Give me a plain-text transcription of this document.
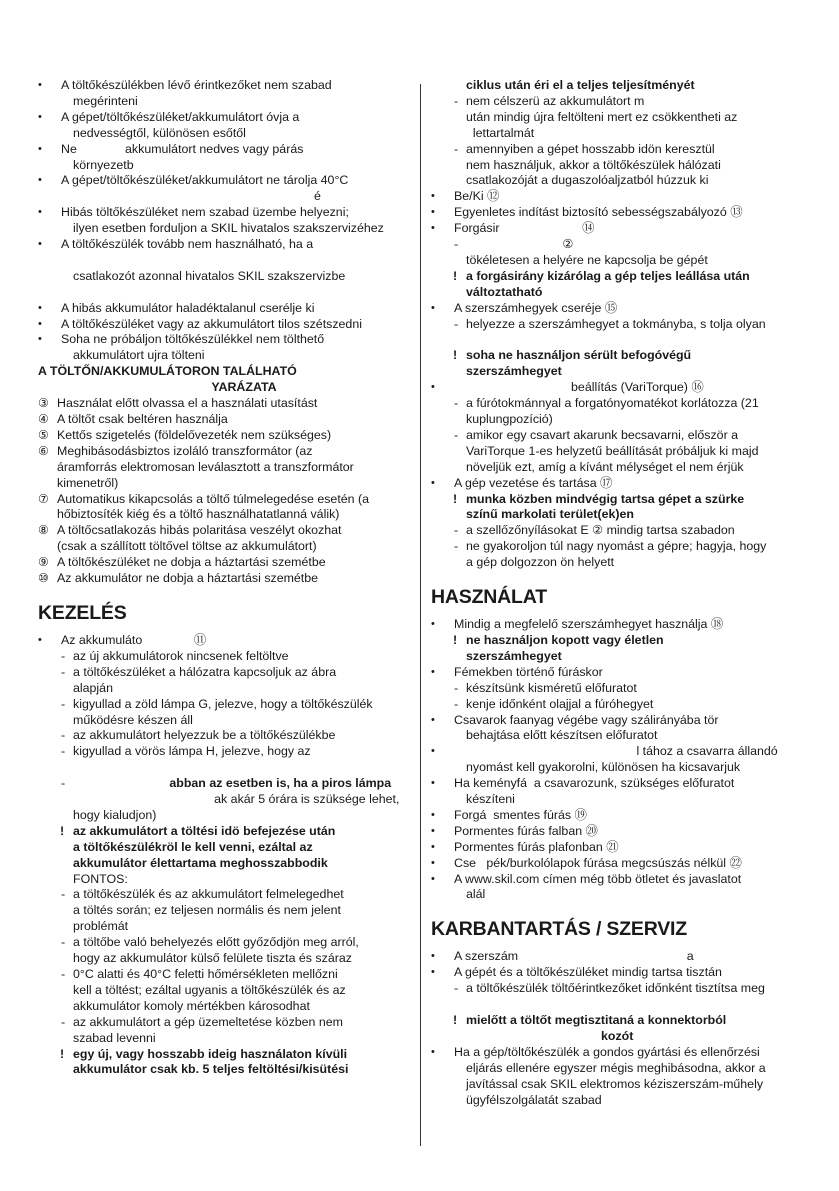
• A töltőkészülékben lévő érintkezőket nem szabad
megérinteni
• A gépet/töltőkészüléket/akkumulátort óvja a
nedvességtől, különösen esőtől
• Ne              akkumulátort nedves vagy párás
környezetb
• A gépet/töltőkészüléket/akkumulátort ne tárolja 40°C
é
• Hibás töltőkészüléket nem szabad üzembe helyezni;
ilyen esetben forduljon a SKIL hivatalos szakszervizéhez
• A töltőkészülék tovább nem használható, ha a
csatlakozót azonnal hivatalos SKIL szakszervizbe
• A hibás akkumulátor haladéktalanul cserélje ki
• A töltőkészüléket vagy az akkumulátort tilos szétszedni
• Soha ne próbáljon töltőkészülékkel nem tölthető
akkumulátort ujra tölteni
A TÖLTŐN/AKKUMULÁTORON TALÁLHATÓ
YARÁZATA
③ Használat előtt olvassa el a használati utasítást
④ A töltőt csak beltéren használja
⑤ Kettős szigetelés (földelővezeték nem szükséges)
⑥ Meghibásodásbiztos izoláló transzformátor (az
áramforrás elektromosan leválasztott a transzformátor
kimenetről)
⑦ Automatikus kikapcsolás a töltő túlmelegedése esetén (a
hőbiztosíték kiég és a töltő használhatatlanná válik)
⑧ A töltőcsatlakozás hibás polaritása veszélyt okozhat
(csak a szállított töltővel töltse az akkumulátort)
⑨ A töltőkészüléket ne dobja a háztartási szemétbe
⑩ Az akkumulátor ne dobja a háztartási szemétbe
KEZELÉS
• Az akkumuláto               ⑪
- az új akkumulátorok nincsenek feltöltve
- a töltőkészüléket a hálózatra kapcsoljuk az ábra
alapján
- kigyullad a zöld lámpa G, jelezve, hogy a töltőkészülék
működésre készen áll
- az akkumulátort helyezzuk be a töltőkészülékbe
- kigyullad a vörös lámpa H, jelezve, hogy az
-	abban az esetben is, ha a piros lámpa
ak akár 5 órára is szüksége lehet,
hogy kialudjon)
! az akkumulátort a töltési idö befejezése után
a töltőkészülékröl le kell venni, ezáltal az
akkumulátor élettartama meghosszabbodik
FONTOS:
- a töltőkészülék és az akkumulátort felmelegedhet
a töltés során; ez teljesen normális és nem jelent
problémát
- a töltőbe való behelyezés előtt győződjön meg arról,
hogy az akkumulátor külső felülete tiszta és száraz
- 0°C alatti és 40°C feletti hőmérsékleten mellőzni
kell a töltést; ezáltal ugyanis a töltőkészülék és az
akkumulátor komoly mértékben károsodhat
- az akkumulátort a gép üzemeltetése közben nem
szabad levenni
! egy új, vagy hosszabb ideig használaton kívüli
akkumulátor csak kb. 5 teljes feltöltési/kisütési
ciklus után éri el a teljes teljesítményét
- nem célszerü az akkumulátort m
után mindig újra feltölteni mert ez csökkentheti az
lettartalmát
- amennyiben a gépet hosszabb idön keresztül
nem használjuk, akkor a töltőkészülek hálózati
csatlakozóját a dugaszolóaljzatból húzzuk ki
• Be/Ki ⑫
• Egyenletes indítást biztosító sebességszabályozó ⑬
• Forgásir                        ⑭
- ②
tökéletesen a helyére ne kapcsolja be gépét
! a forgásirány kizárólag a gép teljes leállása után
változtatható
• A szerszámhegyek cseréje ⑮
- helyezze a szerszámhegyet a tokmányba, s tolja olyan
! soha ne használjon sérült befogóvégű
szerszámhegyet
• beállítás (VariTorque) ⑯
- a fúrótokmánnyal a forgatónyomatékot korlátozza (21
kuplungpozíció)
- amikor egy csavart akarunk becsavarni, először a
VariTorque 1-es helyzetű beállítását próbáljuk ki majd
növeljük ezt, amíg a kívánt mélységet el nem érjük
• A gép vezetése és tartása ⑰
! munka közben mindvégig tartsa gépet a szürke
színű markolati terület(ek)en
- a szellőzőnyílásokat E ② mindig tartsa szabadon
- ne gyakoroljon túl nagy nyomást a gépre; hagyja, hogy
a gép dolgozzon ön helyett
HASZNÁLAT
• Mindig a megfelelő szerszámhegyet használja ⑱
! ne használjon kopott vagy életlen
szerszámhegyet
• Fémekben történő fúráskor
- készítsünk kisméretű előfuratot
- kenje időnként olajjal a fúróhegyet
• Csavarok faanyag végébe vagy szálirányába tör
behajtása előtt készítsen előfuratot
• l tához a csavarra állandó
nyomást kell gyakorolni, különösen ha kicsavarjuk
• Ha keményfá  a csavarozunk, szükséges előfuratot
készíteni
• Forgá  smentes fúrás ⑲
• Pormentes fúrás falban ⑳
• Pormentes fúrás plafonban ㉑
• Cse   pék/burkolólapok fúrása megcsúszás nélkül ㉒
• A www.skil.com címen még több ötletet és javaslatot
alál
KARBANTARTÁS / SZERVIZ
• A szerszám                                                 a
• A gépét és a töltőkészüléket mindig tartsa tisztán
- a töltőkészülék töltőérintkezőket időnként tisztítsa meg
! mielőtt a töltőt megtisztitaná a konnektorból
kozót
• Ha a gép/töltőkészülék a gondos gyártási és ellenőrzési
eljárás ellenére egyszer mégis meghibásodna, akkor a
javítással csak SKIL elektromos kéziszerszám-műhely
ügyfélszolgálatát szabad
